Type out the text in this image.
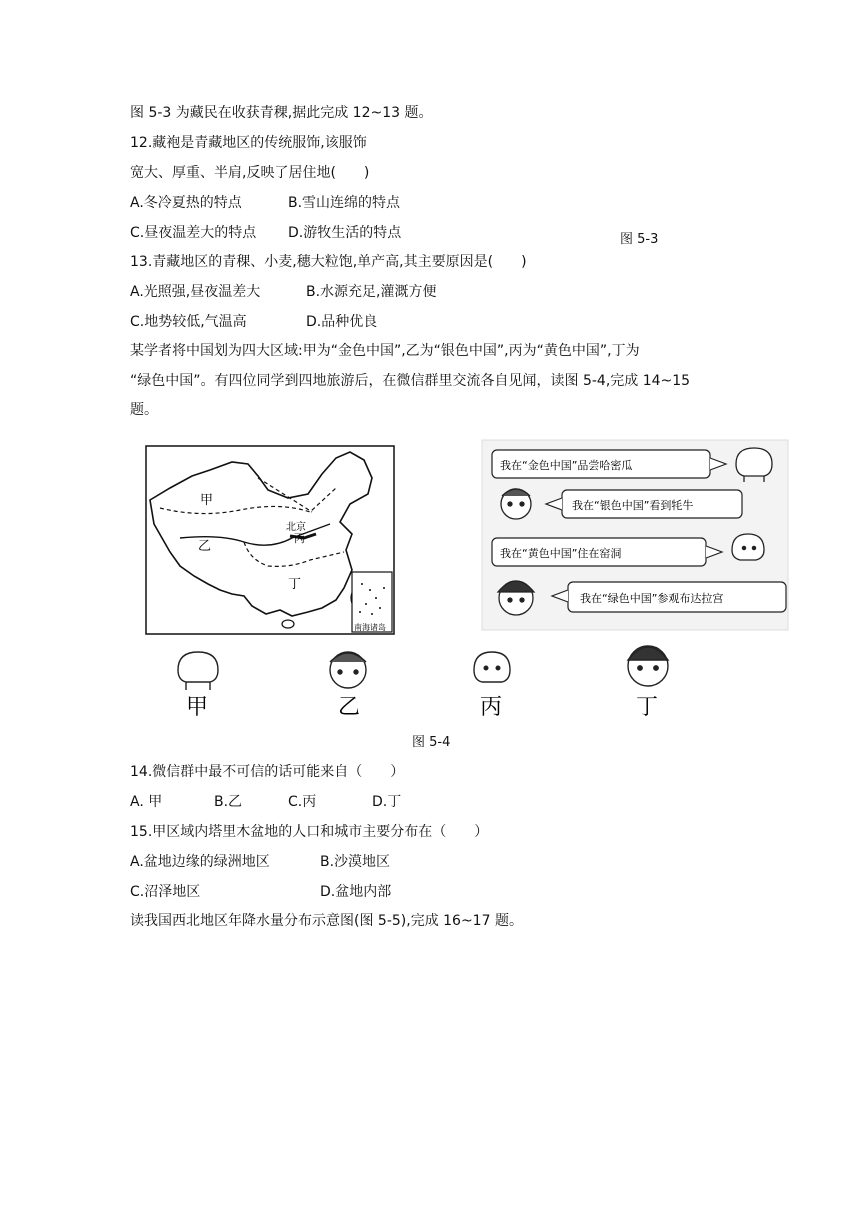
图 5-3 为藏民在收获青稞,据此完成 12~13 题。
12.藏袍是青藏地区的传统服饰,该服饰
宽大、厚重、半肩,反映了居住地(　　)
A.冬冷夏热的特点	B.雪山连绵的特点
C.昼夜温差大的特点 D.游牧生活的特点	图 5-3
13.青藏地区的青稞、小麦,穗大粒饱,单产高,其主要原因是(　　)
A.光照强,昼夜温差大	B.水源充足,灌溉方便
C.地势较低,气温高	D.品种优良
某学者将中国划为四大区域:甲为“金色中国”,乙为“银色中国”,丙为“黄色中国”,丁为
“绿色中国”。有四位同学到四地旅游后，在微信群里交流各自见闻，读图 5-4,完成 14~15
题。
南海诸岛
甲
乙
丙
丁
北京
我在“金色中国”品尝哈密瓜
我在“银色中国”看到牦牛
我在“黄色中国”住在窑洞
我在“绿色中国”参观布达拉宫
甲	乙	丙	丁
图 5-4
14.微信群中最不可信的话可能来自（　　）
A. 甲	B.乙	C.丙	D.丁
15.甲区域内塔里木盆地的人口和城市主要分布在（　　）
A.盆地边缘的绿洲地区	B.沙漠地区
C.沼泽地区	D.盆地内部
读我国西北地区年降水量分布示意图(图 5-5),完成 16~17 题。
